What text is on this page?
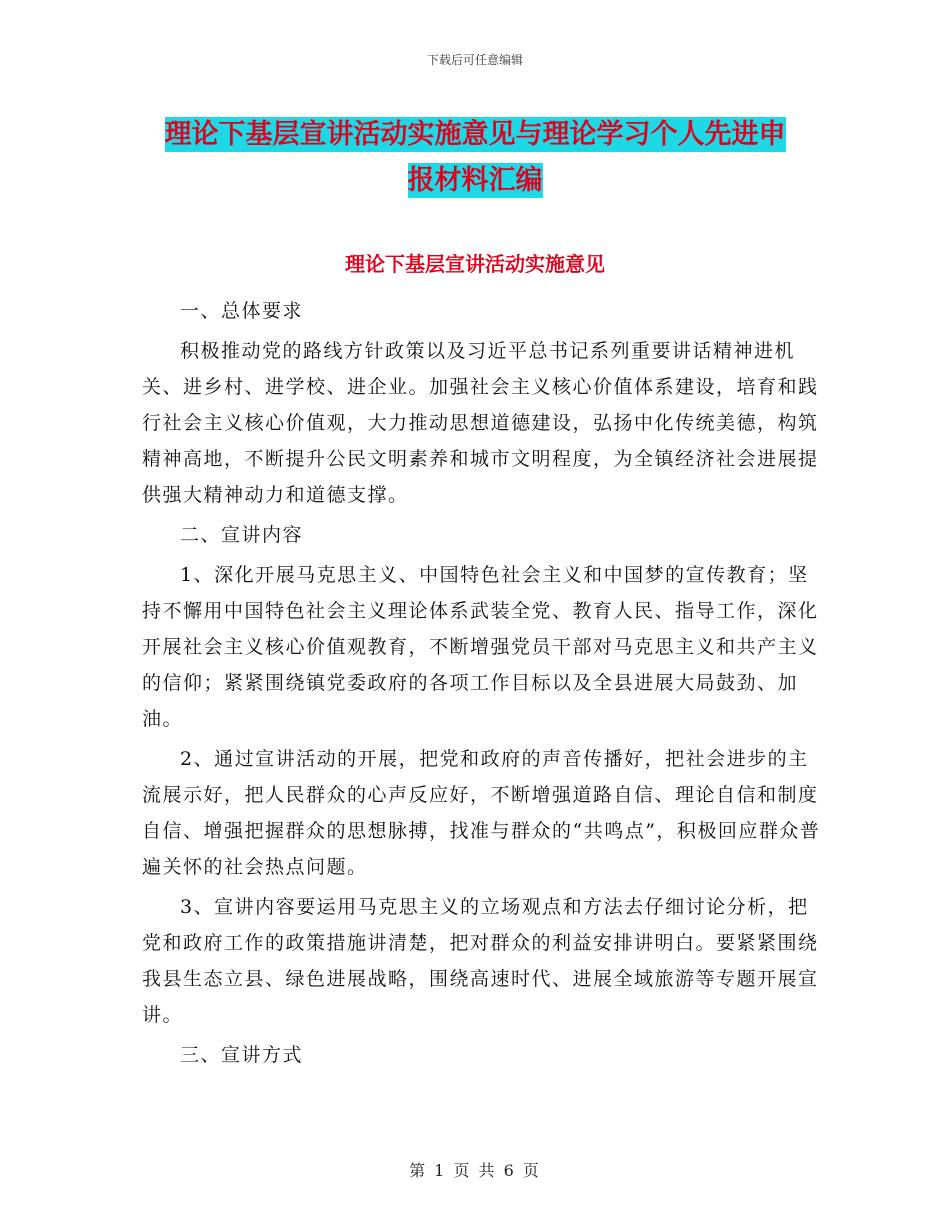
下载后可任意编辑
理论下基层宣讲活动实施意见与理论学习个人先进申
报材料汇编
理论下基层宣讲活动实施意见

一、总体要求

积极推动党的路线方针政策以及习近平总书记系列重要讲话精神进机关、进乡村、进学校、进企业。加强社会主义核心价值体系建设，培育和践行社会主义核心价值观，大力推动思想道德建设，弘扬中化传统美德，构筑精神高地，不断提升公民文明素养和城市文明程度，为全镇经济社会进展提供强大精神动力和道德支撑。

二、宣讲内容

1、深化开展马克思主义、中国特色社会主义和中国梦的宣传教育；坚持不懈用中国特色社会主义理论体系武装全党、教育人民、指导工作，深化开展社会主义核心价值观教育，不断增强党员干部对马克思主义和共产主义的信仰；紧紧围绕镇党委政府的各项工作目标以及全县进展大局鼓劲、加油。

2、通过宣讲活动的开展，把党和政府的声音传播好，把社会进步的主流展示好，把人民群众的心声反应好，不断增强道路自信、理论自信和制度自信、增强把握群众的思想脉搏，找准与群众的“共鸣点”，积极回应群众普遍关怀的社会热点问题。

3、宣讲内容要运用马克思主义的立场观点和方法去仔细讨论分析，把党和政府工作的政策措施讲清楚，把对群众的利益安排讲明白。要紧紧围绕我县生态立县、绿色进展战略，围绕高速时代、进展全域旅游等专题开展宣讲。

三、宣讲方式

第 1 页 共 6 页
